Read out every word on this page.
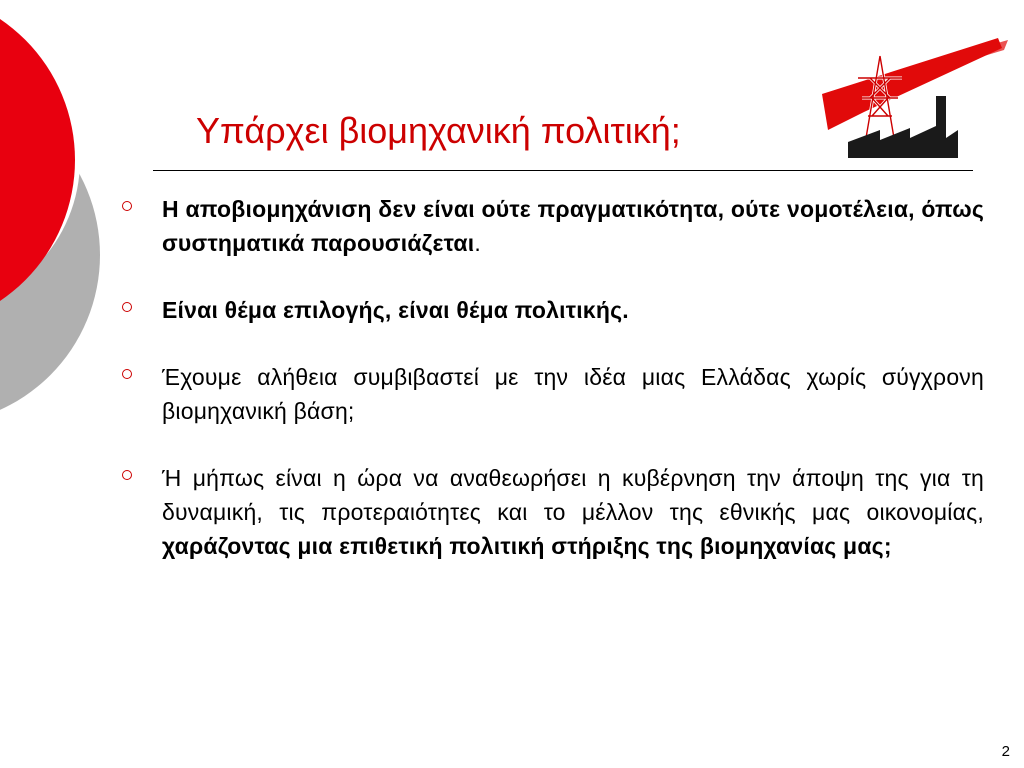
Υπάρχει βιομηχανική πολιτική;

Η αποβιομηχάνιση δεν είναι ούτε πραγματικότητα, ούτε νομοτέλεια, όπως συστηματικά παρουσιάζεται.

Είναι θέμα επιλογής, είναι θέμα πολιτικής.

Έχουμε αλήθεια συμβιβαστεί με την ιδέα μιας Ελλάδας χωρίς σύγχρονη βιομηχανική βάση;

Ή μήπως είναι η ώρα να αναθεωρήσει η κυβέρνηση την άποψη της για τη δυναμική, τις προτεραιότητες και το μέλλον της εθνικής μας οικονομίας, χαράζοντας μια επιθετική πολιτική στήριξης της βιομηχανίας μας;

2
